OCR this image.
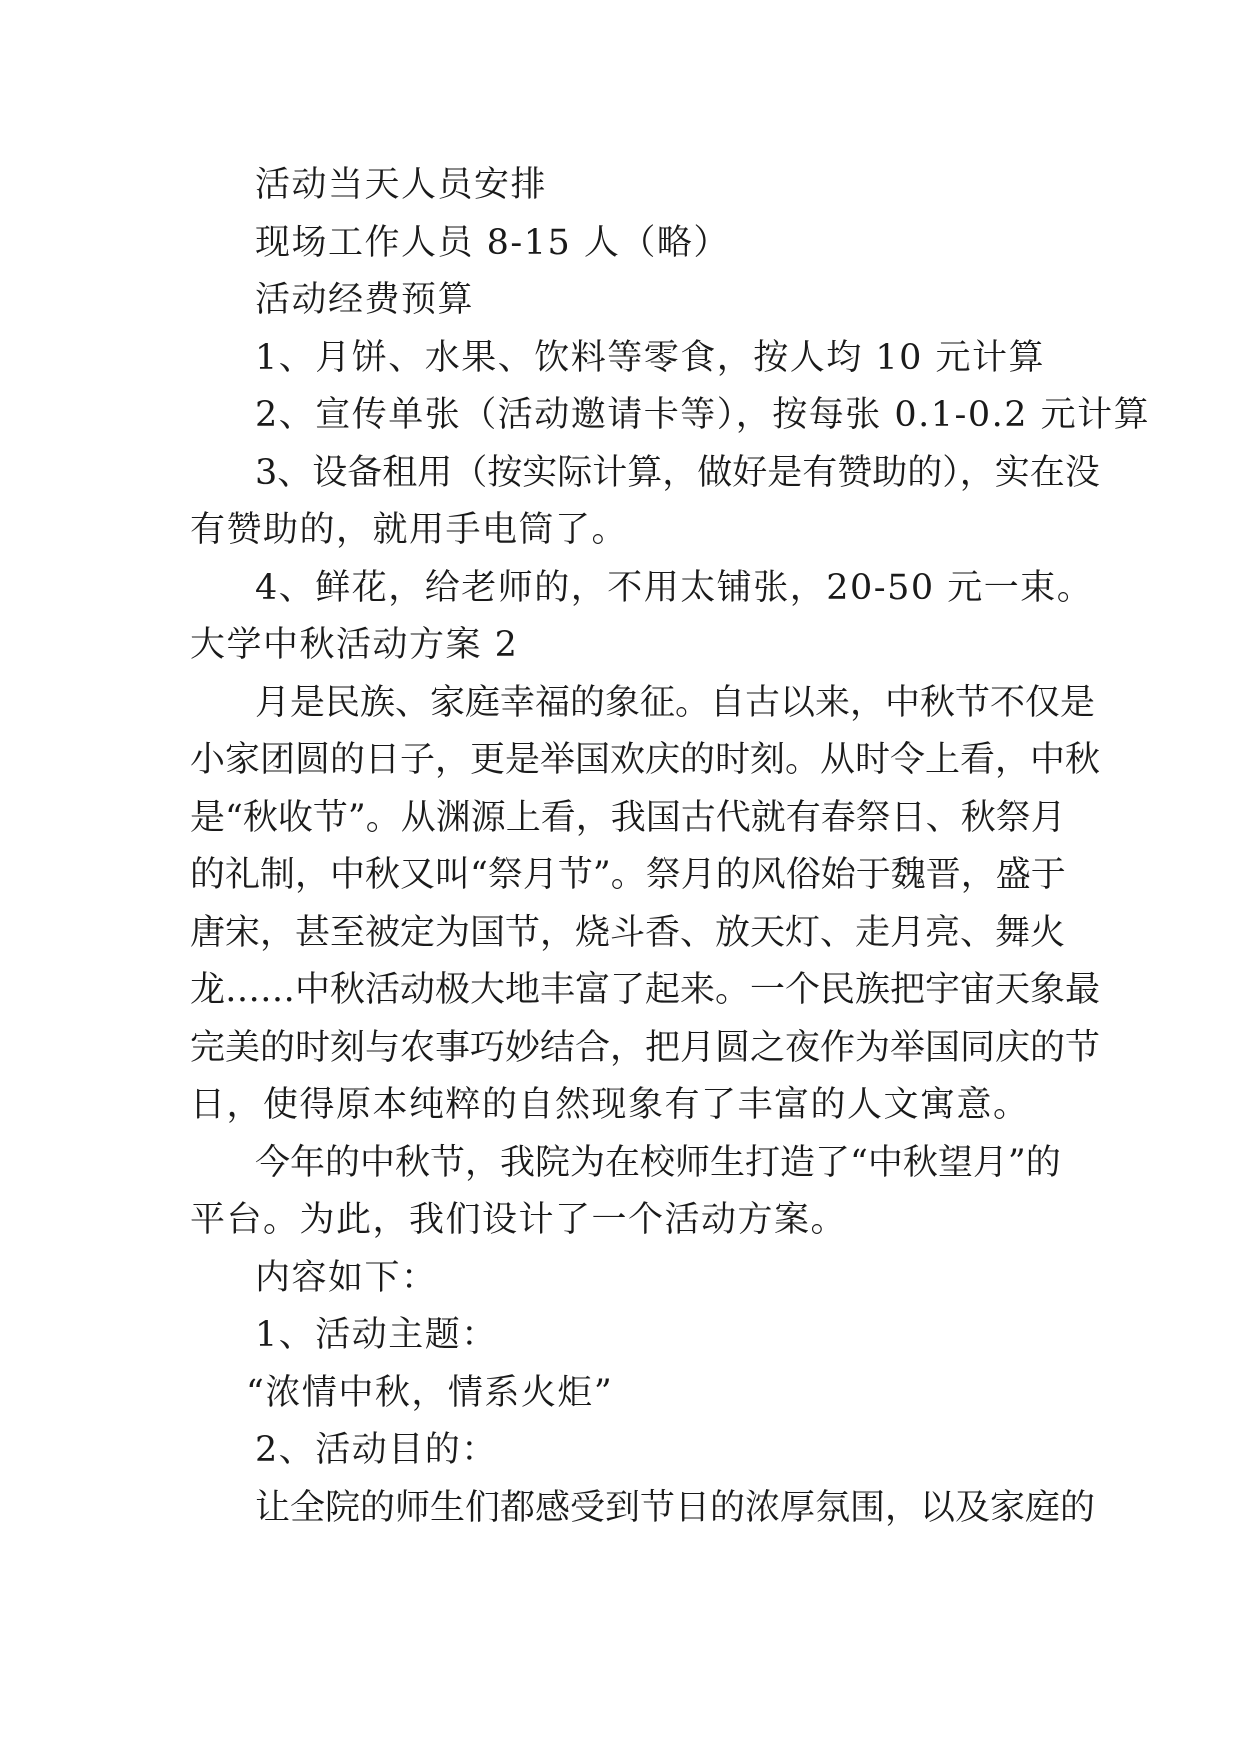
活动当天人员安排
现场工作人员 8-15 人（略）
活动经费预算
1、月饼、水果、饮料等零食，按人均 10 元计算
2、宣传单张（活动邀请卡等），按每张 0.1-0.2 元计算
3、设备租用（按实际计算，做好是有赞助的），实在没
有赞助的，就用手电筒了。
4、鲜花，给老师的，不用太铺张，20-50 元一束。
大学中秋活动方案 2
月是民族、家庭幸福的象征。自古以来，中秋节不仅是
小家团圆的日子，更是举国欢庆的时刻。从时令上看，中秋
是“秋收节”。从渊源上看，我国古代就有春祭日、秋祭月
的礼制，中秋又叫“祭月节”。祭月的风俗始于魏晋，盛于
唐宋，甚至被定为国节，烧斗香、放天灯、走月亮、舞火
龙……中秋活动极大地丰富了起来。一个民族把宇宙天象最
完美的时刻与农事巧妙结合，把月圆之夜作为举国同庆的节
日，使得原本纯粹的自然现象有了丰富的人文寓意。
今年的中秋节，我院为在校师生打造了“中秋望月”的
平台。为此，我们设计了一个活动方案。
内容如下：
1、活动主题：
“浓情中秋，情系火炬”
2、活动目的：
让全院的师生们都感受到节日的浓厚氛围，以及家庭的
